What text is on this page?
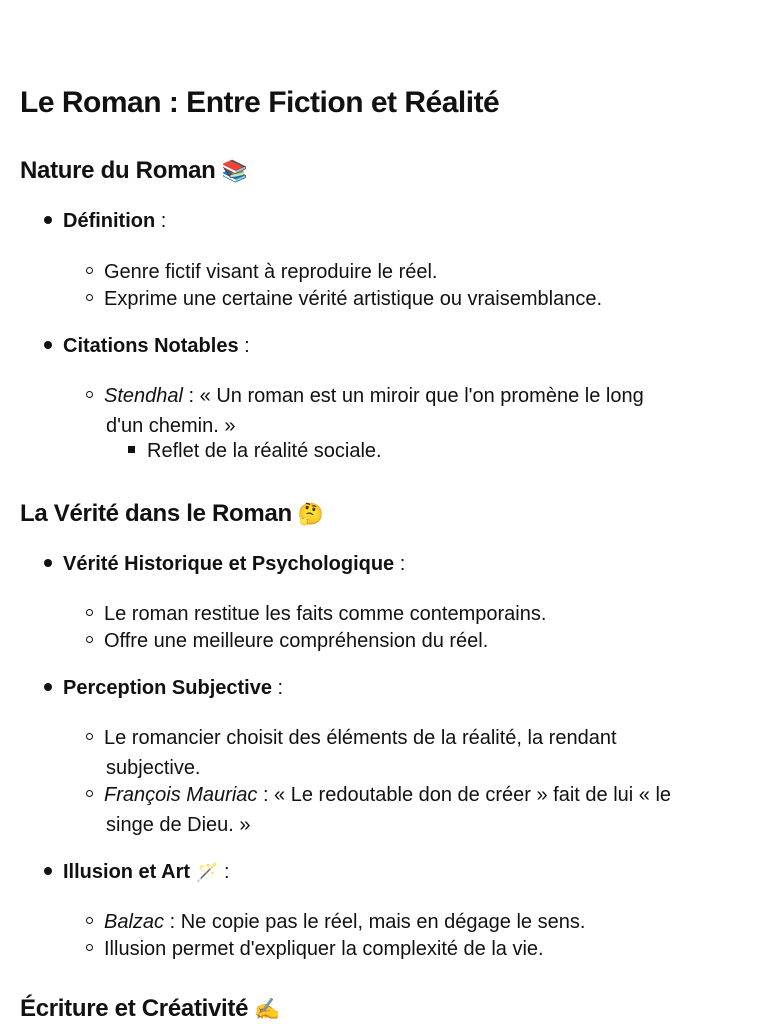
Le Roman : Entre Fiction et Réalité
Nature du Roman 📚
Définition :
Genre fictif visant à reproduire le réel.
Exprime une certaine vérité artistique ou vraisemblance.
Citations Notables :
Stendhal : « Un roman est un miroir que l'on promène le long
d'un chemin. »
Reflet de la réalité sociale.
La Vérité dans le Roman 🤔
Vérité Historique et Psychologique :
Le roman restitue les faits comme contemporains.
Offre une meilleure compréhension du réel.
Perception Subjective :
Le romancier choisit des éléments de la réalité, la rendant
subjective.
François Mauriac : « Le redoutable don de créer » fait de lui « le
singe de Dieu. »
Illusion et Art 🪄 :
Balzac : Ne copie pas le réel, mais en dégage le sens.
Illusion permet d'expliquer la complexité de la vie.
Écriture et Créativité ✍️
